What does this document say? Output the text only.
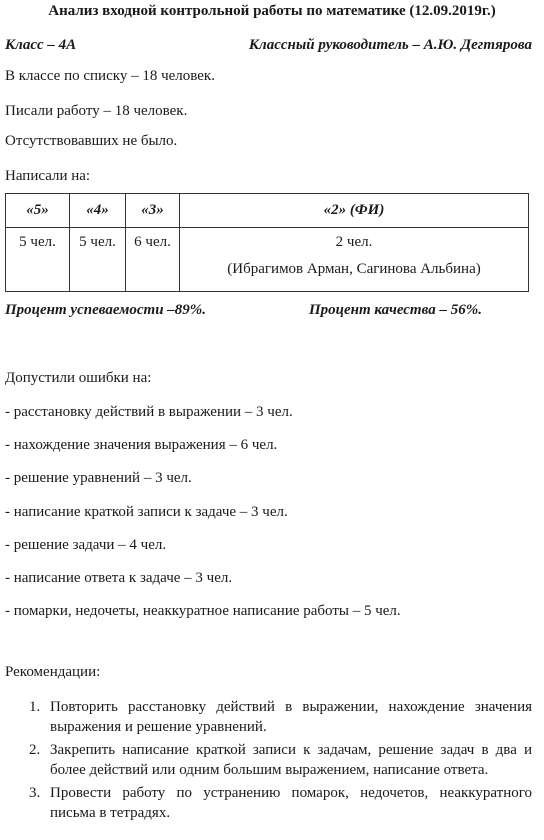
Анализ входной контрольной работы по математике (12.09.2019г.)
Класс – 4А	Классный руководитель – А.Ю. Дегтярова
В классе по списку – 18 человек.
Писали работу – 18 человек.
Отсутствовавших не было.
Написали на:
«5»	«4»	«3»	«2» (ФИ)
5 чел.	5 чел.	6 чел.	2 чел.
(Ибрагимов Арман, Сагинова Альбина)
Процент успеваемости –89%.	Процент качества – 56%.
Допустили ошибки на:
- расстановку действий в выражении – 3 чел.
- нахождение значения выражения – 6 чел.
- решение уравнений – 3 чел.
- написание краткой записи к задаче – 3 чел.
- решение задачи – 4 чел.
- написание ответа к задаче – 3 чел.
- помарки, недочеты, неаккуратное написание работы – 5 чел.
Рекомендации:
1. Повторить расстановку действий в выражении, нахождение значения выражения и решение уравнений.
2. Закрепить написание краткой записи к задачам, решение задач в два и более действий или одним большим выражением, написание ответа.
3. Провести работу по устранению помарок, недочетов, неаккуратного письма в тетрадях.
